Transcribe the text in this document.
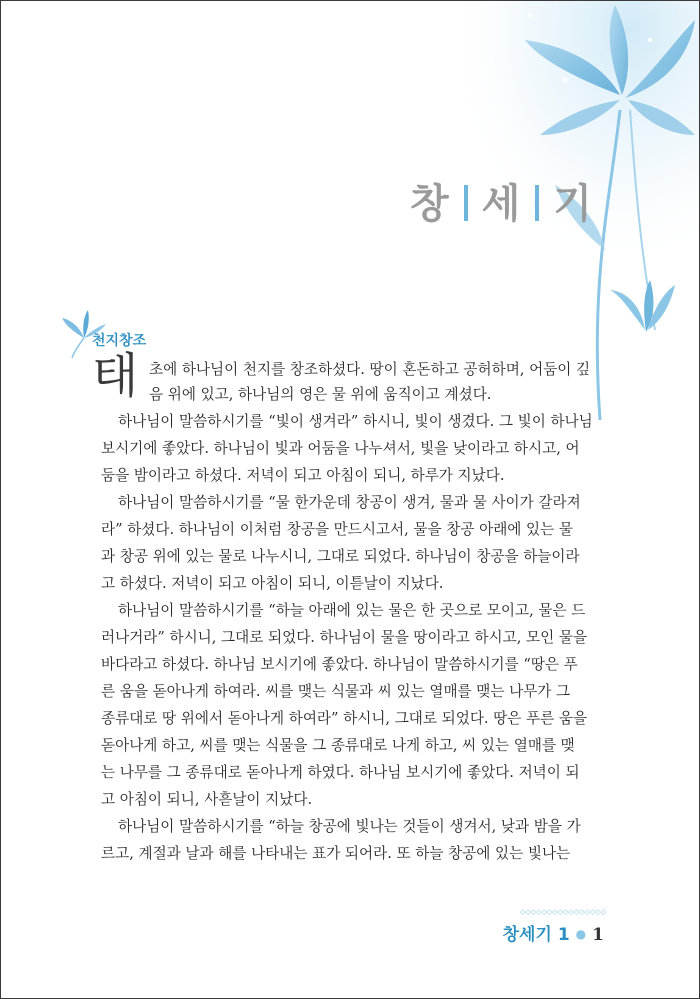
창 세 기
천지창조
태 초에 하나님이 천지를 창조하셨다. 땅이 혼돈하고 공허하며, 어둠이 깊
음 위에 있고, 하나님의 영은 물 위에 움직이고 계셨다.
하나님이 말씀하시기를 “빛이 생겨라” 하시니, 빛이 생겼다. 그 빛이 하나님
보시기에 좋았다. 하나님이 빛과 어둠을 나누셔서, 빛을 낮이라고 하시고, 어
둠을 밤이라고 하셨다. 저녁이 되고 아침이 되니, 하루가 지났다.
하나님이 말씀하시기를 “물 한가운데 창공이 생겨, 물과 물 사이가 갈라져
라” 하셨다. 하나님이 이처럼 창공을 만드시고서, 물을 창공 아래에 있는 물
과 창공 위에 있는 물로 나누시니, 그대로 되었다. 하나님이 창공을 하늘이라
고 하셨다. 저녁이 되고 아침이 되니, 이튿날이 지났다.
하나님이 말씀하시기를 “하늘 아래에 있는 물은 한 곳으로 모이고, 물은 드
러나거라” 하시니, 그대로 되었다. 하나님이 물을 땅이라고 하시고, 모인 물을
바다라고 하셨다. 하나님 보시기에 좋았다. 하나님이 말씀하시기를 “땅은 푸
른 움을 돋아나게 하여라. 씨를 맺는 식물과 씨 있는 열매를 맺는 나무가 그
종류대로 땅 위에서 돋아나게 하여라” 하시니, 그대로 되었다. 땅은 푸른 움을
돋아나게 하고, 씨를 맺는 식물을 그 종류대로 나게 하고, 씨 있는 열매를 맺
는 나무를 그 종류대로 돋아나게 하였다. 하나님 보시기에 좋았다. 저녁이 되
고 아침이 되니, 사흗날이 지났다.
하나님이 말씀하시기를 “하늘 창공에 빛나는 것들이 생겨서, 낮과 밤을 가
르고, 계절과 날과 해를 나타내는 표가 되어라. 또 하늘 창공에 있는 빛나는
◇◇◇◇◇◇◇◇◇◇◇◇◇◇◇◇
창세기 1 ● 1
